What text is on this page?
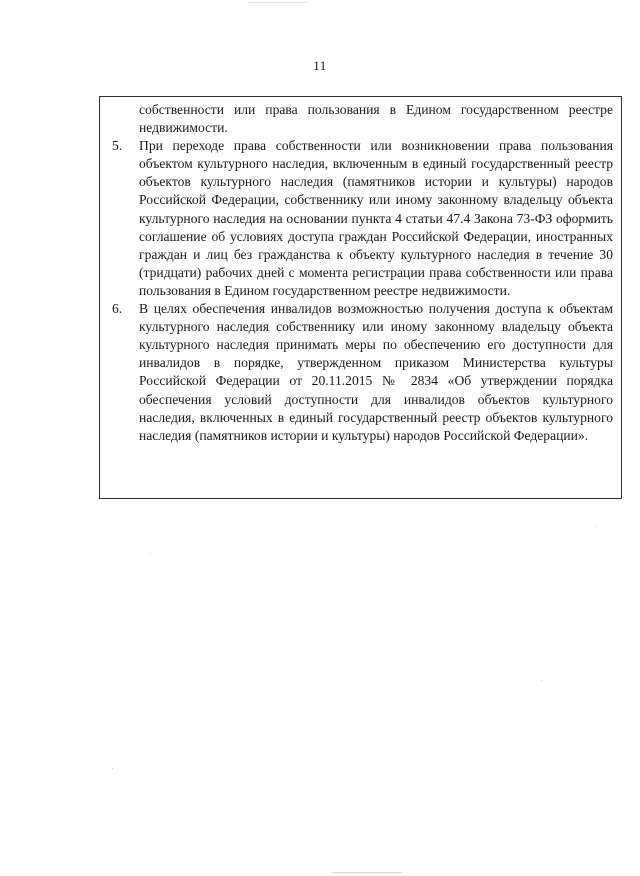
11

собственности или права пользования в Едином государственном реестре недвижимости.

5.	При переходе права собственности или возникновении права пользования объектом культурного наследия, включенным в единый государственный реестр объектов культурного наследия (памятников истории и культуры) народов Российской Федерации, собственнику или иному законному владельцу объекта культурного наследия на основании пункта 4 статьи 47.4 Закона 73-ФЗ оформить соглашение об условиях доступа граждан Российской Федерации, иностранных граждан и лиц без гражданства к объекту культурного наследия в течение 30 (тридцати) рабочих дней с момента регистрации права собственности или права пользования в Едином государственном реестре недвижимости.
6.	В целях обеспечения инвалидов возможностью получения доступа к объектам культурного наследия собственнику или иному законному владельцу объекта культурного наследия принимать меры по обеспечению его доступности для инвалидов в порядке, утвержденном приказом Министерства культуры Российской Федерации от 20.11.2015 № 2834 «Об утверждении порядка обеспечения условий доступности для инвалидов объектов культурного наследия, включенных в единый государственный реестр объектов культурного наследия (памятников истории и культуры) народов Российской Федерации».
